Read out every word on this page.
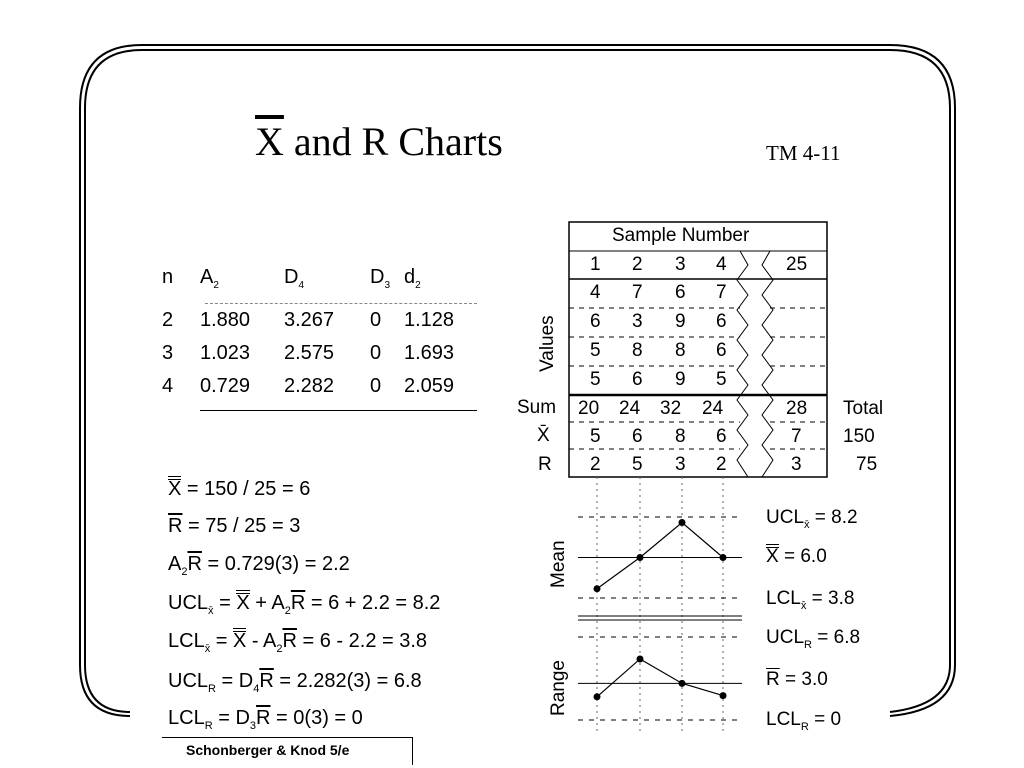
$\overline{X}$ and R Charts	TM 4-11
n	$A_2$	$D_4$	$D_3$	$d_2$
2	1.880	3.267	0	1.128
3	1.023	2.575	0	1.693
4	0.729	2.282	0	2.059
X = 150 / 25 = 6
$\overline{R} = 75 / 25 = 3$
$A_2\overline{R} = 0.729(3) = 2.2$
$UCL_{x̄} = X + A_2\overline{R} = 6 + 2.2 = 8.2$
$LCL_{x̄} = X - A_2\overline{R} = 6 - 2.2 = 3.8$
$UCL_R = D_4\overline{R} = 2.282(3) = 6.8$
$LCL_R = D_3\overline{R} = 0(3) = 0$
Sample Number
1 2 3 4	25
4 7 6 7
6 3 9 6
5 8 8 6
5 6 9 5
Values
Sum 20 24 32 24	28 Total
X̄ 5 6 8 6	7 150
R 2 5 3 2	3	75
Mean
Range
$UCL_{x̄} = 8.2$
X = 6.0
$LCL_{x̄} = 3.8$
$UCL_R = 6.8$
$\overline{R} = 3.0$
$LCL_R = 0$
Schonberger & Knod 5/e
